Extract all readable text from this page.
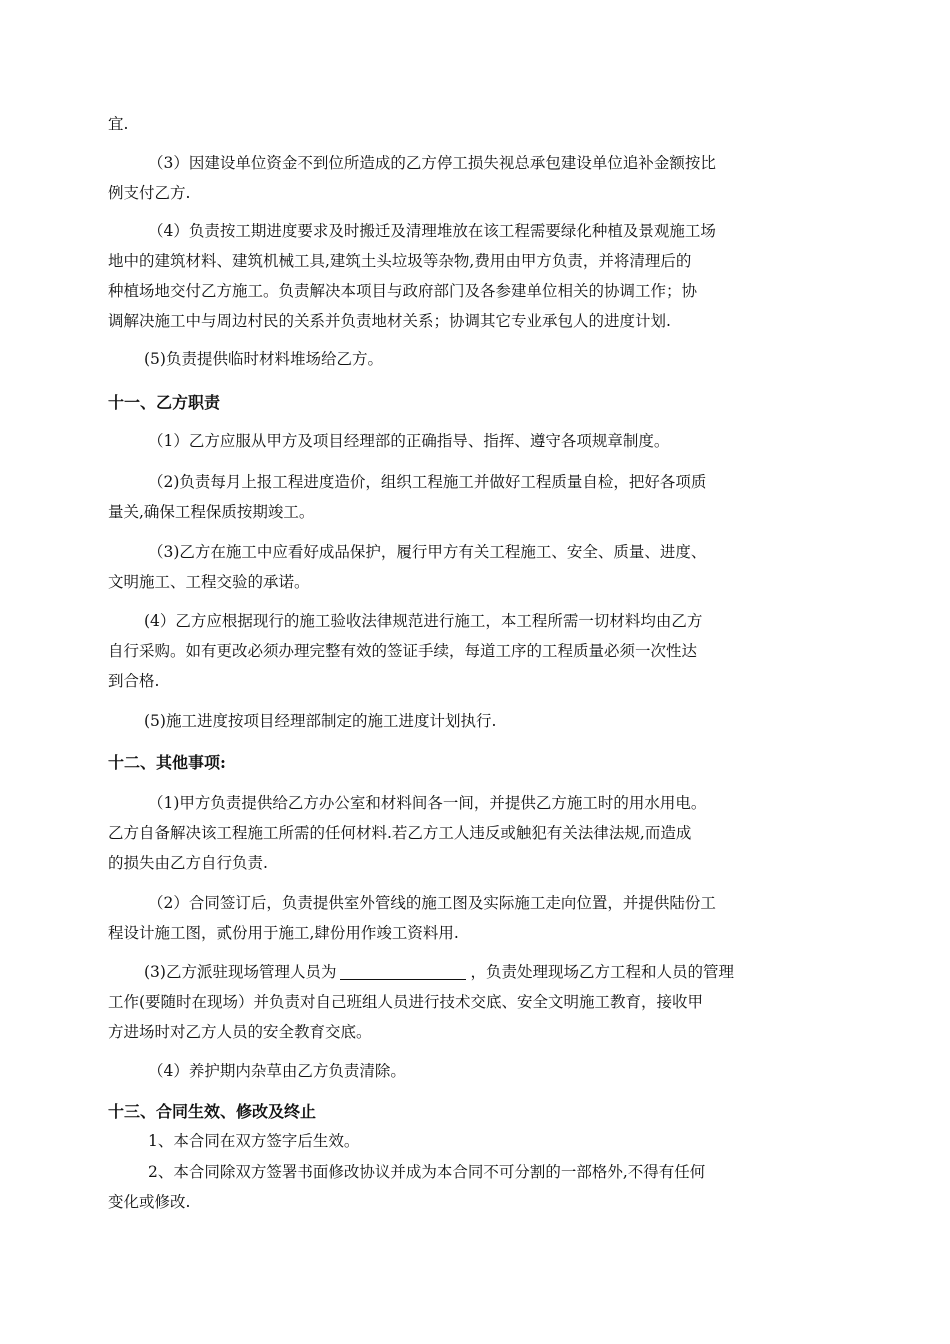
宜.
（3）因建设单位资金不到位所造成的乙方停工损失视总承包建设单位追补金额按比
例支付乙方.
（4）负责按工期进度要求及时搬迁及清理堆放在该工程需要绿化种植及景观施工场
地中的建筑材料、建筑机械工具,建筑土头垃圾等杂物,费用由甲方负责，并将清理后的
种植场地交付乙方施工。负责解决本项目与政府部门及各参建单位相关的协调工作；协
调解决施工中与周边村民的关系并负责地材关系；协调其它专业承包人的进度计划.
(5)负责提供临时材料堆场给乙方。
十一、乙方职责
（1）乙方应服从甲方及项目经理部的正确指导、指挥、遵守各项规章制度。
（2)负责每月上报工程进度造价，组织工程施工并做好工程质量自检，把好各项质
量关,确保工程保质按期竣工。
（3)乙方在施工中应看好成品保护，履行甲方有关工程施工、安全、质量、进度、
文明施工、工程交验的承诺。
(4）乙方应根据现行的施工验收法律规范进行施工，本工程所需一切材料均由乙方
自行采购。如有更改必须办理完整有效的签证手续，每道工序的工程质量必须一次性达
到合格.
(5)施工进度按项目经理部制定的施工进度计划执行.
十二、其他事项:
（1)甲方负责提供给乙方办公室和材料间各一间，并提供乙方施工时的用水用电。
乙方自备解决该工程施工所需的任何材料.若乙方工人违反或触犯有关法律法规,而造成
的损失由乙方自行负责.
（2）合同签订后，负责提供室外管线的施工图及实际施工走向位置，并提供陆份工
程设计施工图，贰份用于施工,肆份用作竣工资料用.
(3)乙方派驻现场管理人员为	，负责处理现场乙方工程和人员的管理
工作(要随时在现场）并负责对自己班组人员进行技术交底、安全文明施工教育，接收甲
方进场时对乙方人员的安全教育交底。
（4）养护期内杂草由乙方负责清除。
十三、合同生效、修改及终止
1、本合同在双方签字后生效。
2、本合同除双方签署书面修改协议并成为本合同不可分割的一部格外,不得有任何
变化或修改.
